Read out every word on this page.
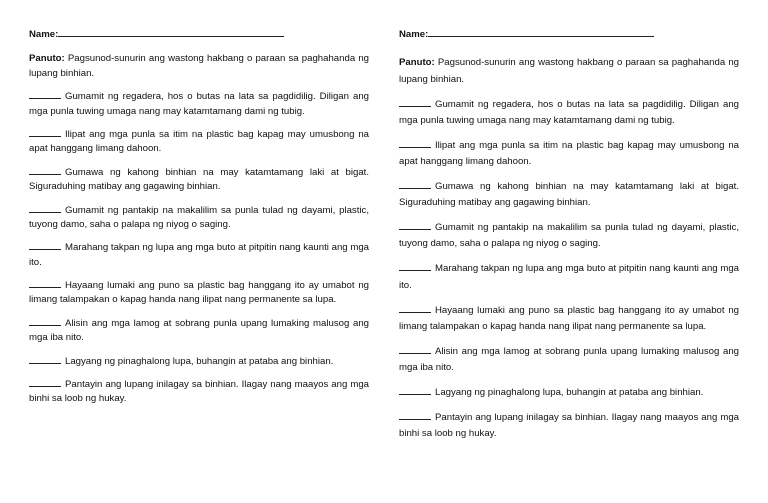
Name:

Panuto: Pagsunod-sunurin ang wastong hakbang o paraan sa paghahanda ng lupang binhian.

Gumamit ng regadera, hos o butas na lata sa pagdidilig. Diligan ang mga punla tuwing umaga nang may katamtamang dami ng tubig.

Ilipat ang mga punla sa itim na plastic bag kapag may umusbong na apat hanggang limang dahoon.

Gumawa ng kahong binhian na may katamtamang laki at bigat. Siguraduhing matibay ang gagawing binhian.

Gumamit ng pantakip na makalilim sa punla tulad ng dayami, plastic, tuyong damo, saha o palapa ng niyog o saging.

Marahang takpan ng lupa ang mga buto at pitpitin nang kaunti ang mga ito.

Hayaang lumaki ang puno sa plastic bag hanggang ito ay umabot ng limang talampakan o kapag handa nang ilipat nang permanente sa lupa.

Alisin ang mga lamog at sobrang punla upang lumaking malusog ang mga iba nito.

Lagyang ng pinaghalong lupa, buhangin at pataba ang binhian.

Pantayin ang lupang inilagay sa binhian. Ilagay nang maayos ang mga binhi sa loob ng hukay.

Name:

Panuto: Pagsunod-sunurin ang wastong hakbang o paraan sa paghahanda ng lupang binhian.

Gumamit ng regadera, hos o butas na lata sa pagdidilig. Diligan ang mga punla tuwing umaga nang may katamtamang dami ng tubig.

Ilipat ang mga punla sa itim na plastic bag kapag may umusbong na apat hanggang limang dahoon.

Gumawa ng kahong binhian na may katamtamang laki at bigat. Siguraduhing matibay ang gagawing binhian.

Gumamit ng pantakip na makalilim sa punla tulad ng dayami, plastic, tuyong damo, saha o palapa ng niyog o saging.

Marahang takpan ng lupa ang mga buto at pitpitin nang kaunti ang mga ito.

Hayaang lumaki ang puno sa plastic bag hanggang ito ay umabot ng limang talampakan o kapag handa nang ilipat nang permanente sa lupa.

Alisin ang mga lamog at sobrang punla upang lumaking malusog ang mga iba nito.

Lagyang ng pinaghalong lupa, buhangin at pataba ang binhian.

Pantayin ang lupang inilagay sa binhian. Ilagay nang maayos ang mga binhi sa loob ng hukay.
